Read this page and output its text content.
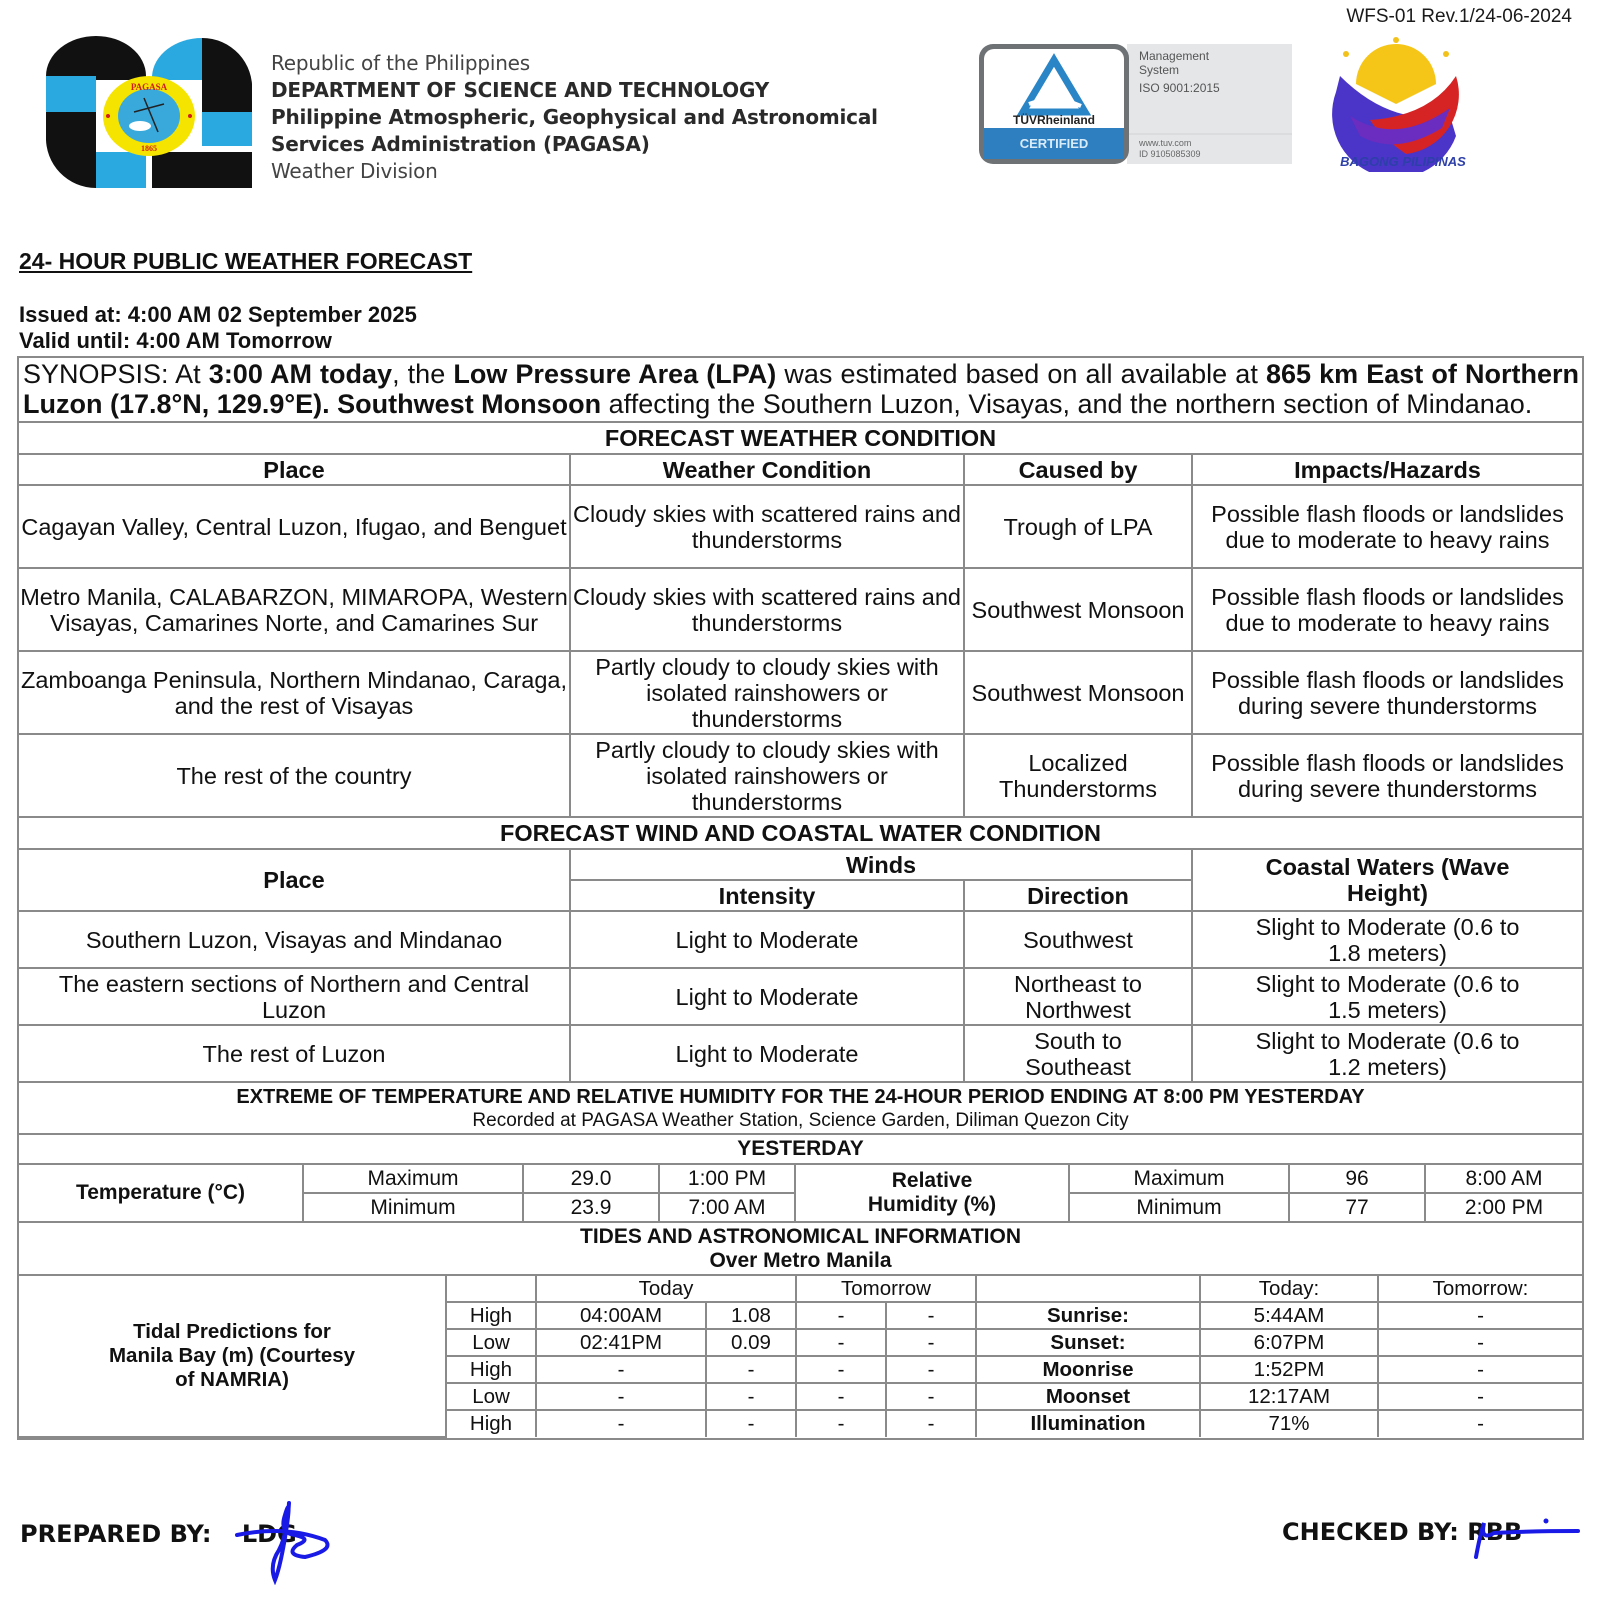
WFS-01 Rev.1/24-06-2024
PAGASA
1865
Republic of the Philippines
DEPARTMENT OF SCIENCE AND TECHNOLOGY
Philippine Atmospheric, Geophysical and Astronomical
Services Administration (PAGASA)
Weather Division
TÜVRheinland
CERTIFIED
Management
System
ISO 9001:2015
www.tuv.com
ID 9105085309	BAGONG PILIPINAS
24- HOUR PUBLIC WEATHER FORECAST
Issued at: 4:00 AM 02 September 2025
Valid until: 4:00 AM Tomorrow
SYNOPSIS: At 3:00 AM today, the Low Pressure Area (LPA) was estimated based on all available at 865 km East of Northern Luzon (17.8°N, 129.9°E). Southwest Monsoon affecting the Southern Luzon, Visayas, and the northern section of Mindanao.
FORECAST WEATHER CONDITION			
Place	Weather Condition	Caused by	Impacts/Hazards
Cagayan Valley, Central Luzon, Ifugao, and Benguet	Cloudy skies with scattered rains and thunderstorms	Trough of LPA	Possible flash floods or landslides due to moderate to heavy rains
Metro Manila, CALABARZON, MIMAROPA, Western Visayas, Camarines Norte, and Camarines Sur	Cloudy skies with scattered rains and thunderstorms	Southwest Monsoon	Possible flash floods or landslides due to moderate to heavy rains
Zamboanga Peninsula, Northern Mindanao, Caraga, and the rest of Visayas	Partly cloudy to cloudy skies with isolated rainshowers or thunderstorms	Southwest Monsoon	Possible flash floods or landslides during severe thunderstorms
The rest of the country	Partly cloudy to cloudy skies with isolated rainshowers or thunderstorms	Localized Thunderstorms	Possible flash floods or landslides during severe thunderstorms
FORECAST WIND AND COASTAL WATER CONDITION			
Place	Winds		Coastal Waters (Wave Height)
	Intensity	Direction	
Southern Luzon, Visayas and Mindanao	Light to Moderate	Southwest	Slight to Moderate (0.6 to 1.8 meters)
The eastern sections of Northern and Central Luzon	Light to Moderate	Northeast to Northwest	Slight to Moderate (0.6 to 1.5 meters)
The rest of Luzon	Light to Moderate	South to Southeast	Slight to Moderate (0.6 to 1.2 meters)
EXTREME OF TEMPERATURE AND RELATIVE HUMIDITY FOR THE 24-HOUR PERIOD ENDING AT 8:00 PM YESTERDAY
Recorded at PAGASA Weather Station, Science Garden, Diliman Quezon City							

YESTERDAY							
Temperature (°C)	Maximum	29.0	1:00 PM	Relative Humidity (%)	Maximum	96	8:00 AM
	Minimum	23.9	7:00 AM		Minimum	77	2:00 PM
TIDES AND ASTRONOMICAL INFORMATION
Over Metro Manila								

Tidal Predictions for Manila Bay (m) (Courtesy of NAMRIA)		Today		Tomorrow			Today:	Tomorrow:
	High	04:00AM	1.08	-	-	Sunrise:	5:44AM	-
	Low	02:41PM	0.09	-	-	Sunset:	6:07PM	-
	High	-	-	-	-	Moonrise	1:52PM	-
	Low	-	-	-	-	Moonset	12:17AM	-
	High	-	-	-	-	Illumination	71%	-
PREPARED BY: LDG	CHECKED BY: RBB
